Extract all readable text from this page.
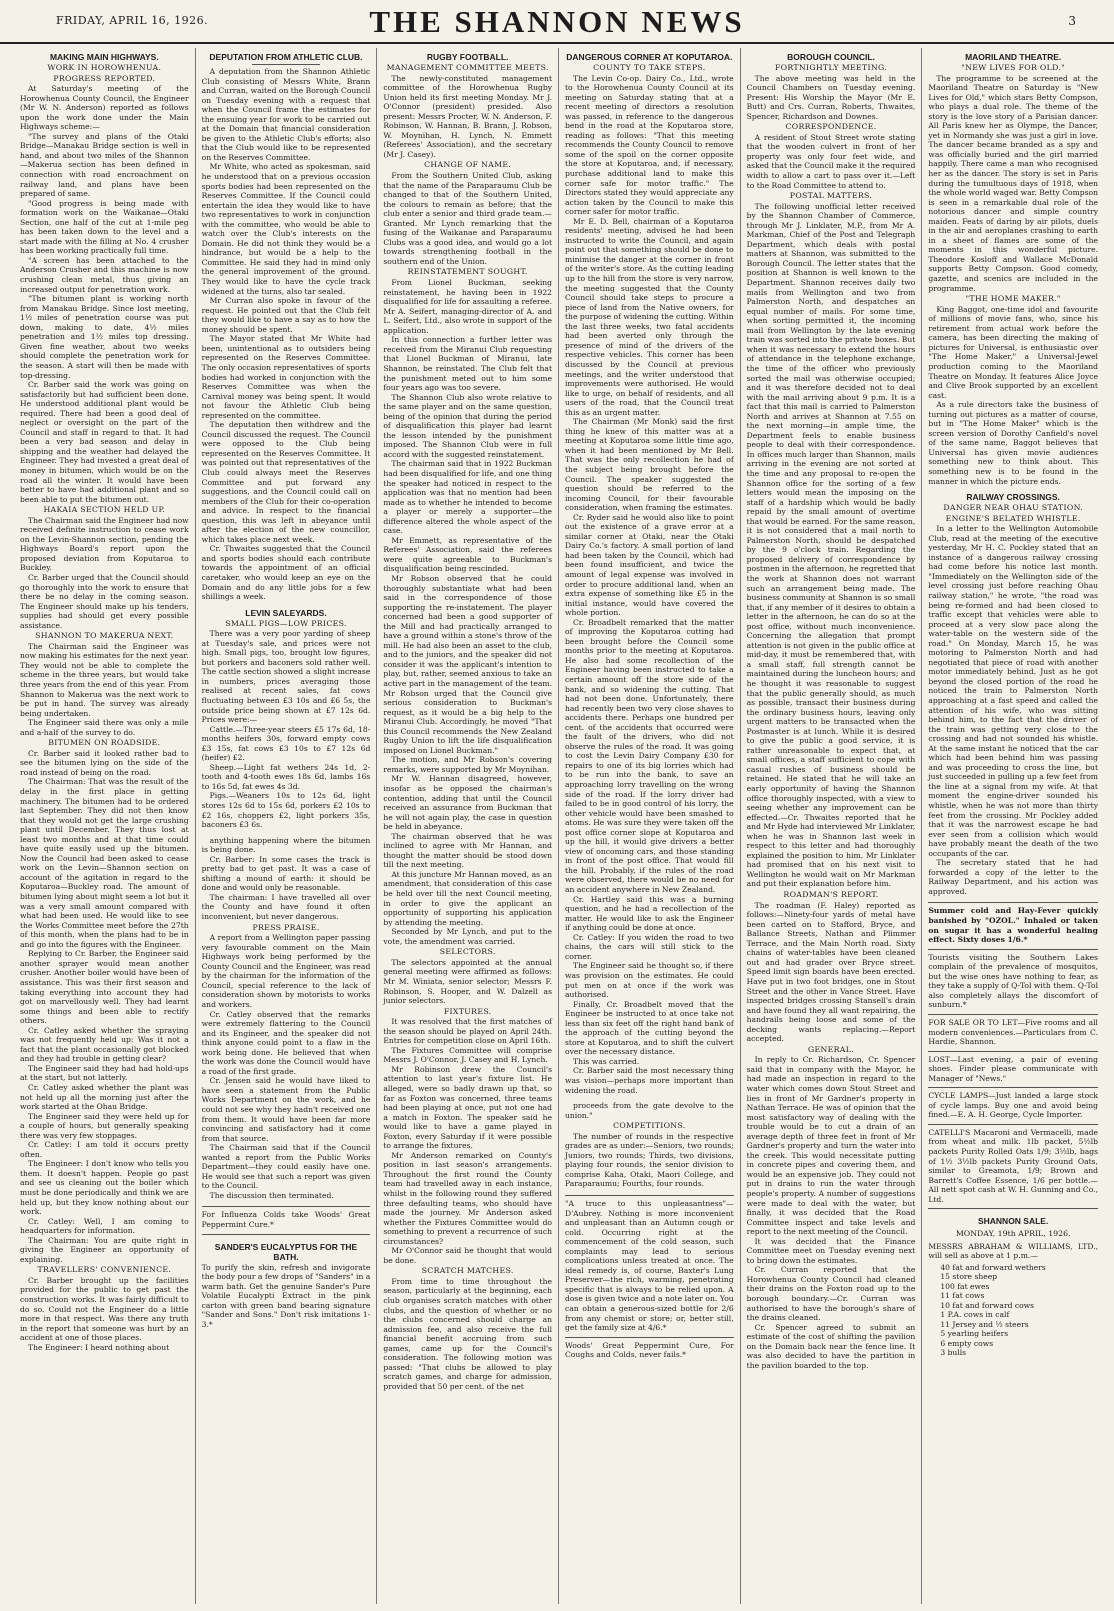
FRIDAY, APRIL 16, 1926.	THE SHANNON NEWS	3
MAKING MAIN HIGHWAYS.
WORK IN HOROWHENUA.
PROGRESS REPORTED.

At Saturday's meeting of the Horowhenua County Council, the Engineer (Mr W. N. Anderson) reported as follows upon the work done under the Main Highways scheme:—

"The survey and plans of the Otaki Bridge—Manakau Bridge section is well in hand, and about two miles of the Shannon—Makerua section has been defined in connection with road encroachment on railway land, and plans have been prepared of same.

"Good progress is being made with formation work on the Waikanae—Otaki Section, one half of the cut at 1-mile peg has been taken down to the level and a start made with the filling at No. 4 crusher has been working practically full time.

"A screen has been attached to the Anderson Crusher and this machine is now crushing clean metal, thus giving an increased output for penetration work.

"The bitumen plant is working north from Manakau Bridge. Since lost meeting, 1½ miles of penetration course was put down, making to date, 4½ miles penetration and 1½ miles top dressing. Given fine weather, about two weeks should complete the penetration work for the season. A start will then be made with top-dressing.

Cr. Barber said the work was going on satisfactorily but had sufficient been done. He understood additional plant would be required. There had been a good deal of neglect or oversight on the part of the Council and staff in regard to that. It had been a very bad season and delay in shipping and the weather had delayed the Engineer. They had invested a great deal of money in bitumen, which would be on the road all the winter. It would have been better to have had additional plant and so been able to put the bitumen out.

HAKAIA SECTION HELD UP.

The Chairman said the Engineer had now received definite instruction to cease work on the Levin-Shannon section, pending the Highways Board's report upon the proposed deviation from Koputaroa to Buckley.

Cr. Barber urged that the Council should go thoroughly into the work to ensure that there be no delay in the coming season. The Engineer should make up his tenders, supplies had should get every possible assistance.

SHANNON TO MAKERUA NEXT.

The Chairman said the Engineer was now making his estimates for the next year. They would not be able to complete the scheme in the three years, but would take three years from the end of this year. From Shannon to Makerua was the next work to be put in hand. The survey was already being undertaken.

The Engineer said there was only a mile and a-half of the survey to do.

BITUMEN ON ROADSIDE.

Cr. Barber said it looked rather bad to see the bitumen lying on the side of the road instead of being on the road.

The Chairman: That was the result of the delay in the first place in getting machinery. The bitumen had to be ordered last September. They did not then know that they would not get the large crushing plant until December. They thus lost at least two months and at that time could have quite easily used up the bitumen. Now the Council had been asked to cease work on the Levin—Shannon section on account of the agitation in regard to the Koputaroa—Buckley road. The amount of bitumen lying about might seem a lot but it was a very small amount compared with what had been used. He would like to see the Works Committee meet before the 27th of this month, when the plans had to be in and go into the figures with the Engineer.

Replying to Cr. Barber, the Engineer said another sprayer would mean another crusher. Another boiler would have been of assistance. This was their first season and taking everything into account they had got on marvellously well. They had learnt some things and been able to rectify others.

Cr. Catley asked whether the spraying was not frequently held up: Was it not a fact that the plant occasionally got blocked and they had trouble in getting clear?

The Engineer said they had had hold-ups at the start, but not latterly.

Cr. Catley asked whether the plant was not held up all the morning just after the work started at the Ohau Bridge.

The Engineer said they were held up for a couple of hours, but generally speaking there was very few stoppages.

Cr. Catley: I am told it occurs pretty often.

The Engineer: I don't know who tells you them. It doesn't happen. People go past and see us cleaning out the boiler which must be done periodically and think we are held up, but they know nothing about our work.

Cr. Catley: Well, I am coming to headquarters for information.

The Chairman: You are quite right in giving the Engineer an opportunity of explaining.

TRAVELLERS' CONVENIENCE.

Cr. Barber brought up the facilities provided for the public to get past the construction works. It was fairly difficult to do so. Could not the Engineer do a little more in that respect. Was there any truth in the report that someone was hurt by an accident at one of those places.

The Engineer: I heard nothing about

DEPUTATION FROM ATHLETIC CLUB.

A deputation from the Shannon Athletic Club consisting of Messrs White, Brann and Curran, waited on the Borough Council on Tuesday evening with a request that when the Council frame the estimates for the ensuing year for work to be carried out at the Domain that financial consideration be given to the Athletic Club's efforts; also that the Club would like to be represented on the Reserves Committee.

Mr White, who acted as spokesman, said he understood that on a previous occasion sports bodies had been represented on the Reserves Committee. If the Council could entertain the idea they would like to have two representatives to work in conjunction with the committee, who would be able to watch over the Club's interests on the Domain. He did not think they would be a hindrance, but would be a help to the Committee. He said they had in mind only the general improvement of the ground. They would like to have the cycle track widened at the turns, also tar sealed.

Mr Curran also spoke in favour of the request. He pointed out that the Club felt they would like to have a say as to how the money should be spent.

The Mayor stated that Mr White had been, unintentional as to outsiders being represented on the Reserves Committee. The only occasion representatives of sports bodies had worked in conjunction with the Reserves Committee was when the Carnival money was being spent. It would not favour the Athletic Club being represented on the committee.

The deputation then withdrew and the Council discussed the request. The Council were opposed to the Club being represented on the Reserves Committee. It was pointed out that representatives of the Club could always meet the Reserves Committee and put forward any suggestions, and the Council could call on members of the Club for their co-operation and advice. In respect to the financial question, this was left in abeyance until after the election of the new councillor, which takes place next week.

Cr. Thwaites suggested that the Council and sports bodies should each contribute towards the appointment of an official caretaker, who would keep an eye on the Domain and do any little jobs for a few shillings a week.

LEVIN SALEYARDS.
SMALL PIGS—LOW PRICES.

There was a very poor yarding of sheep at Tuesday's sale, and prices were not high. Small pigs, too, brought low figures, but porkers and baconers sold rather well. The cattle section showed a slight increase in numbers, prices averaging those realised at recent sales, fat cows fluctuating between £3 10s and £6 5s, the outside price being shown at £7 12s 6d. Prices were:—

Cattle.—Three-year steers £5 17s 6d, 18-months heifers 30s, forward empty cows £3 15s, fat cows £3 10s to £7 12s 6d (heifer) £2.

Sheep.—Light fat wethers 24s 1d, 2-tooth and 4-tooth ewes 18s 6d, lambs 16s to 16s 5d, fat ewes 4s 3d.

Pigs.—Weaners 10s to 12s 6d, light stores 12s 6d to 15s 6d, porkers £2 10s to £2 16s, choppers £2, light porkers 35s, baconers £3 6s.

anything happening where the bitumen is being done.

Cr. Barber: In some cases the track is pretty bad to get past. It was a case of shifting a mound of earth: it should be done and would only be reasonable.

The chairman: I have travelled all over the County and have found it often inconvenient, but never dangerous.

PRESS PRAISE.

A report from a Wellington paper passing very favourable comment on the Main Highways work being performed by the County Council and the Engineer, was read by the chairman for the information of the Council, special reference to the lack of consideration shown by motorists to works and workers.

Cr. Catley observed that the remarks were extremely flattering to the Council and its Engineer, and the speaker did not think anyone could point to a flaw in the work being done. He believed that when the work was done the Council would have a road of the first grade.

Cr. Jensen said he would have liked to have seen a statement from the Public Works Department on the work, and he could not see why they hadn't received one from them. It would have been far more convincing and satisfactory had it come from that source.

The Chairman said that if the Council wanted a report from the Public Works Department—they could easily have one. He would see that such a report was given to the Council.

The discussion then terminated.

For Influenza Colds take Woods' Great Peppermint Cure.*

SANDER'S EUCALYPTUS FOR THE BATH.

To purify the skin, refresh and invigorate the body pour a few drops of "Sanders" in a warm bath. Get the genuine Sander's Pure Volatile Eucalypti Extract in the pink carton with green band bearing signature "Sander and Sons." Don't risk imitations 1-3.*

RUGBY FOOTBALL.
MANAGEMENT COMMITTEE MEETS.

The newly-constituted management committee of the Horowhenua Rugby Union held its first meeting Monday. Mr J. O'Connor (president) presided. Also present: Messrs Procter, W. N. Anderson, F. Robinson, W. Hannan, B. Brann, J. Robson, W. Moynihan, H. Lynch, N. Emmett (Referees' Association), and the secretary (Mr J. Casey).

CHANGE OF NAME.

From the Southern United Club, asking that the name of the Paraparaumu Club be changed to that of the Southern United, the colours to remain as before; that the club enter a senior and third grade team.—Granted. Mr Lynch remarking that the fusing of the Waikanae and Paraparaumu Clubs was a good idea, and would go a lot towards strengthening football in the southern end of the Union.

REINSTATEMENT SOUGHT.

From Lionel Buckman, seeking reinstatement, he having been in 1922 disqualified for life for assaulting a referee. Mr A. Seifert, managing-director of A. and L. Seifert, Ltd., also wrote in support of the application.

In this connection a further letter was received from the Miranui Club requesting that Lionel Buckman of Miranui, late Shannon, be reinstated. The Club felt that the punishment meted out to him some four years ago was too severe.

The Shannon Club also wrote relative to the same player and on the same question, being of the opinion that during the period of disqualification this player had learnt the lesson intended by the punishment imposed. The Shannon Club were in full accord with the suggested reinstatement.

The chairman said that in 1922 Buckman had been disqualified for life, and one thing the speaker had noticed in respect to the application was that no mention had been made as to whether he intended to become a player or merely a supporter—the difference altered the whole aspect of the case.

Mr Emmett, as representative of the Referees' Association, said the referees were quite agreeable to Buckman's disqualification being rescinded.

Mr Robson observed that he could thoroughly substantiate what had been said in the correspondence of those supporting the re-instatement. The player concerned had been a good supporter of the Mill and had practically arranged to have a ground within a stone's throw of the mill. He had also been an asset to the club, and to the juniors, and the speaker did not consider it was the applicant's intention to play, but, rather, seemed anxious to take an active part in the management of the team. Mr Robson urged that the Council give serious consideration to Buckman's request, as it would be a big help to the Miranui Club. Accordingly, he moved "That this Council recommends the New Zealand Rugby Union to lift the life disqualification imposed on Lionel Buckman."

The motion, and Mr Robson's covering remarks, were supported by Mr Moynihan.

Mr W. Hannan disagreed, however, insofar as he opposed the chairman's contention, adding that until the Council received an assurance from Buckman that he will not again play, the case in question be held in abeyance.

The chairman observed that he was inclined to agree with Mr Hannan, and thought the matter should be stood down till the next meeting.

At this juncture Mr Hannan moved, as an amendment, that consideration of this case be held over till the next Council meeting, in order to give the applicant an opportunity of supporting his application by attending the meeting.

Seconded by Mr Lynch, and put to the vote, the amendment was carried.

SELECTORS.

The selectors appointed at the annual general meeting were affirmed as follows: Mr M. Winiata, senior selector; Messrs F. Robinson, S. Hooper, and W. Dalzell as junior selectors.

FIXTURES.

It was resolved that the first matches of the season should be played on April 24th. Entries for competition close on April 16th.

The Fixtures Committee will comprise Messrs J. O'Connor, J. Casey and H. Lynch.

Mr Robinson drew the Council's attention to last year's fixture list. He alleged, were so badly drawn up that, so far as Foxton was concerned, three teams had been playing at once, put not one had a match in Foxton. The speaker said he would like to have a game played in Foxton, every Saturday if it were possible to arrange the fixtures.

Mr Anderson remarked on County's position in last season's arrangements. Throughout the first round the County team had travelled away in each instance, whilst in the following round they suffered three defaulting teams, who should have made the journey. Mr Anderson asked whether the Fixtures Committee would do something to prevent a recurrence of such circumstances?

Mr O'Connor said he thought that would be done.

SCRATCH MATCHES.

From time to time throughout the season, particularly at the beginning, each club organises scratch matches with other clubs, and the question of whether or no the clubs concerned should charge an admission fee, and also receive the full financial benefit accruing from such games, came up for the Council's consideration. The following motion was passed: "That clubs be allowed to play scratch games, and charge for admission, provided that 50 per cent. of the net

DANGEROUS CORNER AT KOPUTAROA.
COUNTY TO TAKE STEPS.

The Levin Co-op. Dairy Co., Ltd., wrote to the Horowhenua County Council at its meeting on Saturday stating that at a recent meeting of directors a resolution was passed, in reference to the dangerous bend in the road at the Koputaroa store, reading as follows: "That this meeting recommends the County Council to remove some of the spoil on the corner opposite the store at Koputaroa, and, if necessary, purchase additional land to make this corner safe for motor traffic." The Directors stated they would appreciate any action taken by the Council to make this corner safer for motor traffic.

Mr E. D. Bell, chairman of a Koputaroa residents' meeting, advised he had been instructed to write the Council, and again point out that something should be done to minimise the danger at the corner in front of the writer's store. As the cutting leading up to the hill from the store is very narrow, the meeting suggested that the County Council should take steps to procure a piece of land from the Native owners, for the purpose of widening the cutting. Within the last three weeks, two fatal accidents had been averted only through the presence of mind of the drivers of the respective vehicles. This corner has been discussed by the Council at previous meetings, and the writer understood that improvements were authorised. He would like to urge, on behalf of residents, and all users of the road, that the Council treat this as an urgent matter.

The Chairman (Mr Monk) said the first thing he knew of this matter was at a meeting at Koputaroa some little time ago, when it had been mentioned by Mr Bell. That was the only recollection he had of the subject being brought before the Council. The speaker suggested the question should be referred to the incoming Council, for their favourable consideration, when framing the estimates.

Cr. Ryder said he would also like to point out the existence of a grave error at a similar corner at Otaki, near the Otaki Dairy Co.'s factory. A small portion of land had been taken by the Council, which had been found insufficient, and twice the amount of legal expense was involved in order to procure additional land, when an extra expense of something like £5 in the initial instance, would have covered the whole portion.

Cr. Broadbelt remarked that the matter of improving the Koputaroa cutting had been brought before the Council some months prior to the meeting at Koputaroa. He also had some recollection of the Engineer having been instructed to take a certain amount off the store side of the bank, and so widening the cutting. That had not been done. Unfortunately, there had recently been two very close shaves to accidents there. Perhaps one hundred per cent. of the accidents that occurred were the fault of the drivers, who did not observe the rules of the road. It was going to cost the Levin Dairy Company £30 for repairs to one of its big lorries which had to be run into the bank, to save an approaching lorry travelling on the wrong side of the road. If the lorry driver had failed to be in good control of his lorry, the other vehicle would have been smashed to atoms. He was sure they were taken off the post office corner slope at Koputaroa and up the hill, it would give drivers a better view of oncoming cars, and those standing in front of the post office. That would fill the hill. Probably, if the rules of the road were observed, there would be no need for an accident anywhere in New Zealand.

Cr. Hartley said this was a burning question, and he had a recollection of the matter. He would like to ask the Engineer if anything could be done at once.

Cr. Catley: If you widen the road to two chains, the cars will still stick to the corner.

The Engineer said he thought so, if there was provision on the estimates. He could put men on at once if the work was authorised.

Finally, Cr. Broadbelt moved that the Engineer be instructed to at once take not less than six feet off the right hand bank of the approach of the cutting beyond the store at Koputaroa, and to shift the culvert over the necessary distance.

This was carried.

Cr. Barber said the most necessary thing was vision—perhaps more important than widening the road.

proceeds from the gate devolve to the union."

COMPETITIONS.

The number of rounds in the respective grades are as under:—Seniors, two rounds; Juniors, two rounds; Thirds, two divisions, playing four rounds, the senior division to comprise Kaha, Otaki, Maori College, and Paraparaumu; Fourths, four rounds.

"A truce to this unpleasantness"—D'Aubrey. Nothing is more inconvenient and unpleasant than an Autumn cough or cold. Occurring right at the commencement of the cold season, such complaints may lead to serious complications unless treated at once. The ideal remedy is, of course, Baxter's Lung Preserver—the rich, warming, penetrating specific that is always to be relied upon. A dose is given twice and a note later on. You can obtain a generous-sized bottle for 2/6 from any chemist or store; or, better still, get the family size at 4/6.*

Woods' Great Peppermint Cure, For Coughs and Colds, never fails.*

BOROUGH COUNCIL.
FORTNIGHTLY MEETING.

The above meeting was held in the Council Chambers on Tuesday evening. Present: His Worship the Mayor (Mr E. Butt) and Crs. Curran, Roberts, Thwaites, Spencer, Richardson and Downes.

CORRESPONDENCE.

A resident of Stout Street wrote stating that the wooden culvert in front of her property was only four feet wide, and asked that the Council make it the required width to allow a cart to pass over it.—Left to the Road Committee to attend to.

POSTAL MATTERS.

The following unofficial letter received by the Shannon Chamber of Commerce, through Mr J. Linklater, M.P., from Mr A. Markman, Chief of the Post and Telegraph Department, which deals with postal matters at Shannon, was submitted to the Borough Council. The letter states that the position at Shannon is well known to the Department. Shannon receives daily two mails from Wellington and two from Palmerston North, and despatches an equal number of mails. For some time, when sorting permitted it, the incoming mail from Wellington by the late evening train was sorted into the private boxes. But when it was necessary to extend the hours of attendance in the telephone exchange, the time of the officer who previously sorted the mail was otherwise occupied; and it was therefore decided not to deal with the mail arriving about 9 p.m. It is a fact that this mail is carried to Palmerston North and arrives at Shannon at 7.55 on the next morning—in ample time, the Department feels to enable business people to deal with their correspondence. In offices much larger than Shannon, mails arriving in the evening are not sorted at the time and any proposal to re-open the Shannon office for the sorting of a few letters would mean the imposing on the staff of a hardship which would be badly repaid by the small amount of overtime that would be earned. For the same reason, it is not considered that a mail north to Palmerston North, should be despatched by the 9 o'clock train. Regarding the proposed delivery of correspondence by postmen in the afternoon, he regretted that the work at Shannon does not warrant such an arrangement being made. The business community at Shannon is so small that, if any member of it desires to obtain a letter in the afternoon, he can do so at the post office, without much inconvenience. Concerning the allegation that prompt attention is not given in the public office at mid-day, it must be remembered that, with a small staff, full strength cannot be maintained during the luncheon hours; and he thought it was reasonable to suggest that the public generally should, as much as possible, transact their business during the ordinary business hours, leaving only urgent matters to be transacted when the Postmaster is at lunch. While it is desired to give the public a good service, it is rather unreasonable to expect that, at small offices, a staff sufficient to cope with casual rushes of business should be retained. He stated that he will take an early opportunity of having the Shannon office thoroughly inspected, with a view to seeing whether any improvement can be effected.—Cr. Thwaites reported that he and Mr Hyde had interviewed Mr Linklater, when he was in Shannon last week in respect to this letter and had thoroughly explained the position to him. Mr Linklater had promised that on his next visit to Wellington he would wait on Mr Markman and put their explanation before him.

ROADMAN'S REPORT.

The roadman (F. Haley) reported as follows:—Ninety-four yards of metal have been carted on to Stafford, Bryce, and Ballance Streets, Nathan and Plimmer Terrace, and the Main North road. Sixty chains of water-tables have been cleaned out and had grader over Bryce street. Speed limit sign boards have been erected. Have put in two foot bridges, one in Stout Street and the other in Vance Street. Have inspected bridges crossing Stansell's drain and have found they all want repairing, the handrails being loose and some of the decking wants replacing.—Report accepted.

GENERAL.

In reply to Cr. Richardson, Cr. Spencer said that in company with the Mayor, he had made an inspection in regard to the water which comes down Stout Street and lies in front of Mr Gardner's property in Nathan Terrace. He was of opinion that the most satisfactory way of dealing with the trouble would be to cut a drain of an average depth of three feet in front of Mr Gardner's property and turn the water into the creek. This would necessitate putting in concrete pipes and covering them, and would be an expensive job. They could not put in drains to run the water through people's property. A number of suggestions were made to deal with the water, but finally, it was decided that the Road Committee inspect and take levels and report to the next meeting of the Council.

It was decided that the Finance Committee meet on Tuesday evening next to bring down the estimates.

Cr. Curran reported that the Horowhenua County Council had cleaned their drains on the Foxton road up to the borough boundary.—Cr. Curran was authorised to have the borough's share of the drains cleaned.

Cr. Spencer agreed to submit an estimate of the cost of shifting the pavilion on the Domain back near the fence line. It was also decided to have the partition in the pavilion boarded to the top.

MAORILAND THEATRE.
"NEW LIVES FOR OLD."

The programme to be screened at the Maoriland Theatre on Saturday is "New Lives for Old," which stars Betty Compson, who plays a dual role. The theme of the story is the love story of a Parisian dancer. All Paris knew her as Olympe, the Dancer, yet in Normandy she was just a girl in love. The dancer became branded as a spy and was officially buried and the girl married happily. There came a man who recognised her as the dancer. The story is set in Paris during the tumultuous days of 1918, when the whole world waged war. Betty Compson is seen in a remarkable dual role of the notorious dancer and simple country maiden. Feats of daring by air pilots, duels in the air and aeroplanes crashing to earth in a sheet of flames are some of the moments in this wonderful picture. Theodore Kosloff and Wallace McDonald supports Betty Compson. Good comedy, gazette, and scenics are included in the programme.

"THE HOME MAKER."

King Baggot, one-time idol and favourite of millions of movie fans, who, since his retirement from actual work before the camera, has been directing the making of pictures for Universal, is enthusiastic over "The Home Maker," a Universal-Jewel production coming to the Maoriland Theatre on Monday. It features Alice Joyce and Clive Brook supported by an excellent cast.

As a rule directors take the business of turning out pictures as a matter of course, but in "The Home Maker" which is the screen version of Dorothy Canfield's novel of the same name, Baggot believes that Universal has given movie audiences something new to think about. This something new is to be found in the manner in which the picture ends.

RAILWAY CROSSINGS.
DANGER NEAR OHAU STATION.
ENGINE'S BELATED WHISTLE.

In a letter to the Wellington Automobile Club, read at the meeting of the executive yesterday, Mr H. C. Pockley stated that an instance of a dangerous railway crossing had come before his notice last month. "Immediately on the Wellington side of the level crossing just before reaching Ohau railway station," he wrote, "the road was being re-formed and had been closed to traffic except that vehicles were able to proceed at a very slow pace along the water-table on the western side of the road." On Monday, March 15, he was motoring to Palmerston North and had negotiated that piece of road with another motor immediately behind. Just as he got beyond the closed portion of the road he noticed the train to Palmerston North approaching at a fast speed and called the attention of his wife, who was sitting behind him, to the fact that the driver of the train was getting very close to the crossing and had not sounded his whistle. At the same instant he noticed that the car which had been behind him was passing and was proceeding to cross the line, but just succeeded in pulling up a few feet from the line at a signal from my wife. At that moment the engine-driver sounded his whistle, when he was not more than thirty feet from the crossing. Mr Pockley added that it was the narrowest escape he had ever seen from a collision which would have probably meant the death of the two occupants of the car.

The secretary stated that he had forwarded a copy of the letter to the Railway Department, and his action was approved.

Summer cold and Hay-Fever quickly banished by "OZOL." Inhaled or taken on sugar it has a wonderful healing effect. Sixty doses 1/6.*

Tourists visiting the Southern Lakes complain of the prevalence of mosquitos, but the wise ones have nothing to fear, as they take a supply of Q-Tol with them. Q-Tol also completely allays the discomfort of sunburn.*

FOR SALE OR TO LET—Five rooms and all modern conveniences.—Particulars from C. Hardie, Shannon.

LOST—Last evening, a pair of evening shoes. Finder please communicate with Manager of "News."

CYCLE LAMPS—Just landed a large stock of cycle lamps. Buy one and avoid being fined.—E. A. H. George, Cycle Importer.

CATELLI'S Macaroni and Vermacelli, made from wheat and milk. 1lb packet, 5½lb packets Purity Rolled Oats 1/9; 3½lb, bags of 1½ 3½lb packets Purity Ground Oats, similar to Greamota, 1/9; Brown and Barrett's Coffee Essence, 1/6 per bottle.—All nett spot cash at W. H. Gunning and Co., Ltd.

SHANNON SALE.
MONDAY, 19th APRIL, 1926.

MESSRS ABRAHAM & WILLIAMS, LTD., will sell as above at 1 p.m.—

40 fat and forward wethers
15 store sheep
100 fat ewes
11 fat cows
10 fat and forward cows
1 P.A. cows in calf
11 Jersey and ½ steers
5 yearling heifers
6 empty cows
3 bulls
